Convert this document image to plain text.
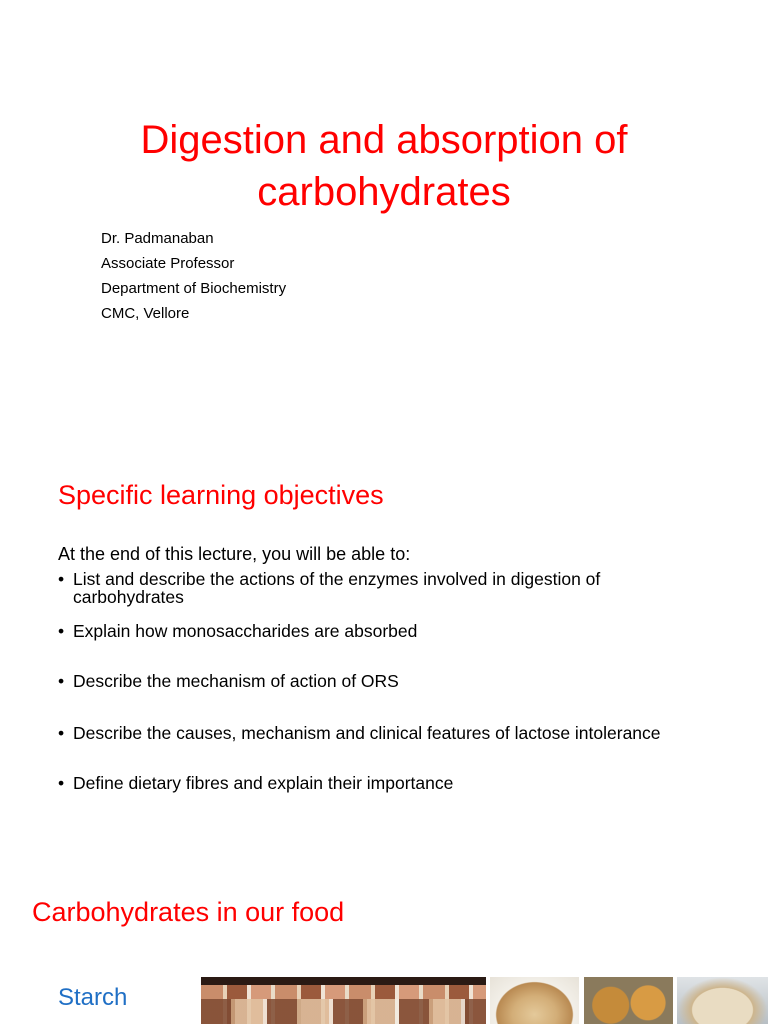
Digestion and absorption of
carbohydrates
Dr. Padmanaban
Associate Professor
Department of Biochemistry
CMC, Vellore
Specific learning objectives
At the end of this lecture, you will be able to:
• List and describe the actions of the enzymes involved in digestion of
carbohydrates
• Explain how monosaccharides are absorbed
• Describe the mechanism of action of ORS
• Describe the causes, mechanism and clinical features of lactose intolerance
• Define dietary fibres and explain their importance
Carbohydrates in our food
Starch
